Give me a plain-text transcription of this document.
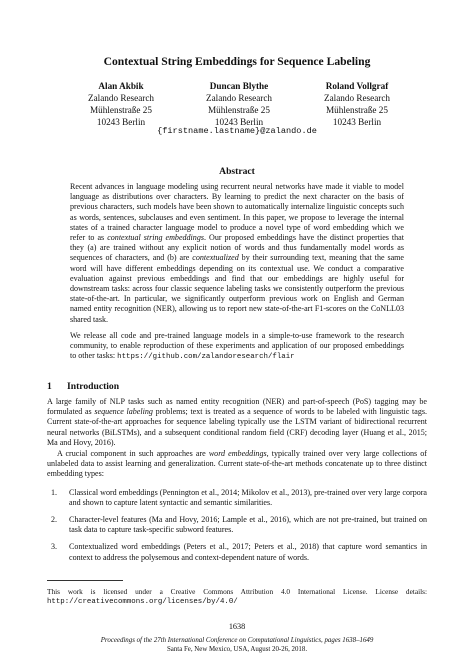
Contextual String Embeddings for Sequence Labeling
Alan Akbik
Zalando Research
Mühlenstraße 25
10243 Berlin
Duncan Blythe
Zalando Research
Mühlenstraße 25
10243 Berlin
Roland Vollgraf
Zalando Research
Mühlenstraße 25
10243 Berlin
{firstname.lastname}@zalando.de
Abstract

Recent advances in language modeling using recurrent neural networks have made it viable to model language as distributions over characters. By learning to predict the next character on the basis of previous characters, such models have been shown to automatically internalize linguistic concepts such as words, sentences, subclauses and even sentiment. In this paper, we propose to leverage the internal states of a trained character language model to produce a novel type of word embedding which we refer to as contextual string embeddings. Our proposed embeddings have the distinct properties that they (a) are trained without any explicit notion of words and thus fundamentally model words as sequences of characters, and (b) are contextualized by their surrounding text, meaning that the same word will have different embeddings depending on its contextual use. We conduct a comparative evaluation against previous embeddings and find that our embeddings are highly useful for downstream tasks: across four classic sequence labeling tasks we consistently outperform the previous state-of-the-art. In particular, we significantly outperform previous work on English and German named entity recognition (NER), allowing us to report new state-of-the-art F1-scores on the CoNLL03 shared task.

We release all code and pre-trained language models in a simple-to-use framework to the research community, to enable reproduction of these experiments and application of our proposed embeddings to other tasks: https://github.com/zalandoresearch/flair

1 Introduction

A large family of NLP tasks such as named entity recognition (NER) and part-of-speech (PoS) tagging may be formulated as sequence labeling problems; text is treated as a sequence of words to be labeled with linguistic tags. Current state-of-the-art approaches for sequence labeling typically use the LSTM variant of bidirectional recurrent neural networks (BiLSTMs), and a subsequent conditional random field (CRF) decoding layer (Huang et al., 2015; Ma and Hovy, 2016).

A crucial component in such approaches are word embeddings, typically trained over very large collections of unlabeled data to assist learning and generalization. Current state-of-the-art methods concatenate up to three distinct embedding types:

1. Classical word embeddings (Pennington et al., 2014; Mikolov et al., 2013), pre-trained over very large corpora and shown to capture latent syntactic and semantic similarities.
2. Character-level features (Ma and Hovy, 2016; Lample et al., 2016), which are not pre-trained, but trained on task data to capture task-specific subword features.
3. Contextualized word embeddings (Peters et al., 2017; Peters et al., 2018) that capture word semantics in context to address the polysemous and context-dependent nature of words.
This work is licensed under a Creative Commons Attribution 4.0 International License. License details: http://creativecommons.org/licenses/by/4.0/
1638
Proceedings of the 27th International Conference on Computational Linguistics, pages 1638–1649
Santa Fe, New Mexico, USA, August 20-26, 2018.
